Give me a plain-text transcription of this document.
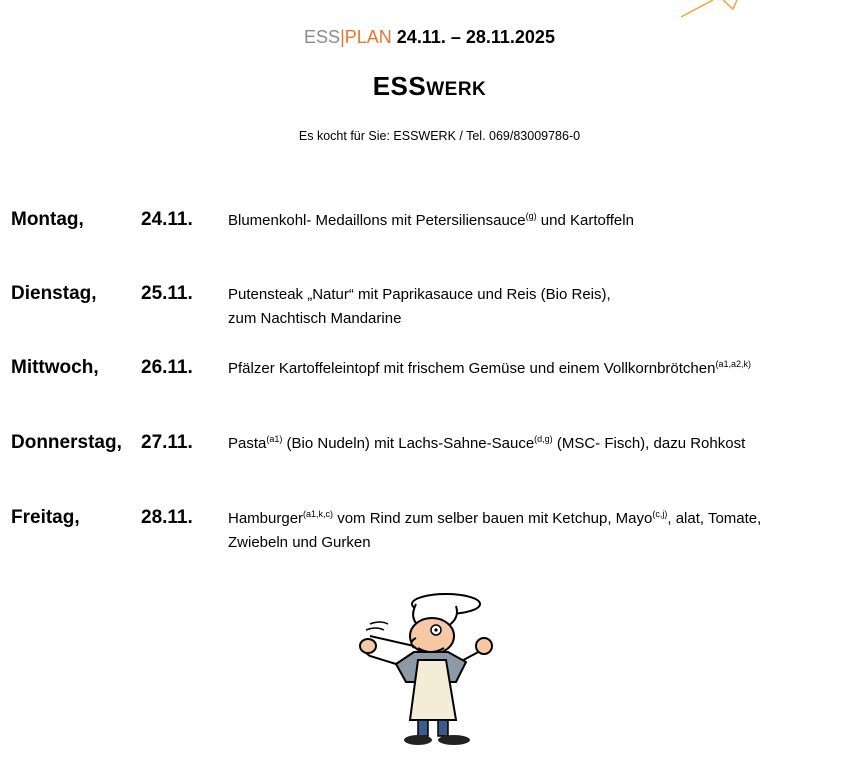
ESS|PLAN 24.11. – 28.11.2025
ESSWERK
Es kocht für Sie: ESSWERK / Tel. 069/83009786-0
Montag,	24.11. Blumenkohl- Medaillons mit Petersiliensauce$^{(g)}$ und Kartoffeln
Dienstag, 25.11. Putensteak „Natur“ mit Paprikasauce und Reis (Bio Reis),
zum Nachtisch Mandarine
Mittwoch, 26.11. Pfälzer Kartoffeleintopf mit frischem Gemüse und einem Vollkornbrötchen$^{(a1,a2,k)}$
Donnerstag, 27.11. Pasta$^{(a1)}$ (Bio Nudeln) mit Lachs-Sahne-Sauce$^{(d,g)}$ (MSC- Fisch), dazu Rohkost
Freitag,	28.11. Hamburger$^{(a1,k,c)}$ vom Rind zum selber bauen mit Ketchup, Mayo$^{(c,j)}$, alat, Tomate,
Zwiebeln und Gurken
